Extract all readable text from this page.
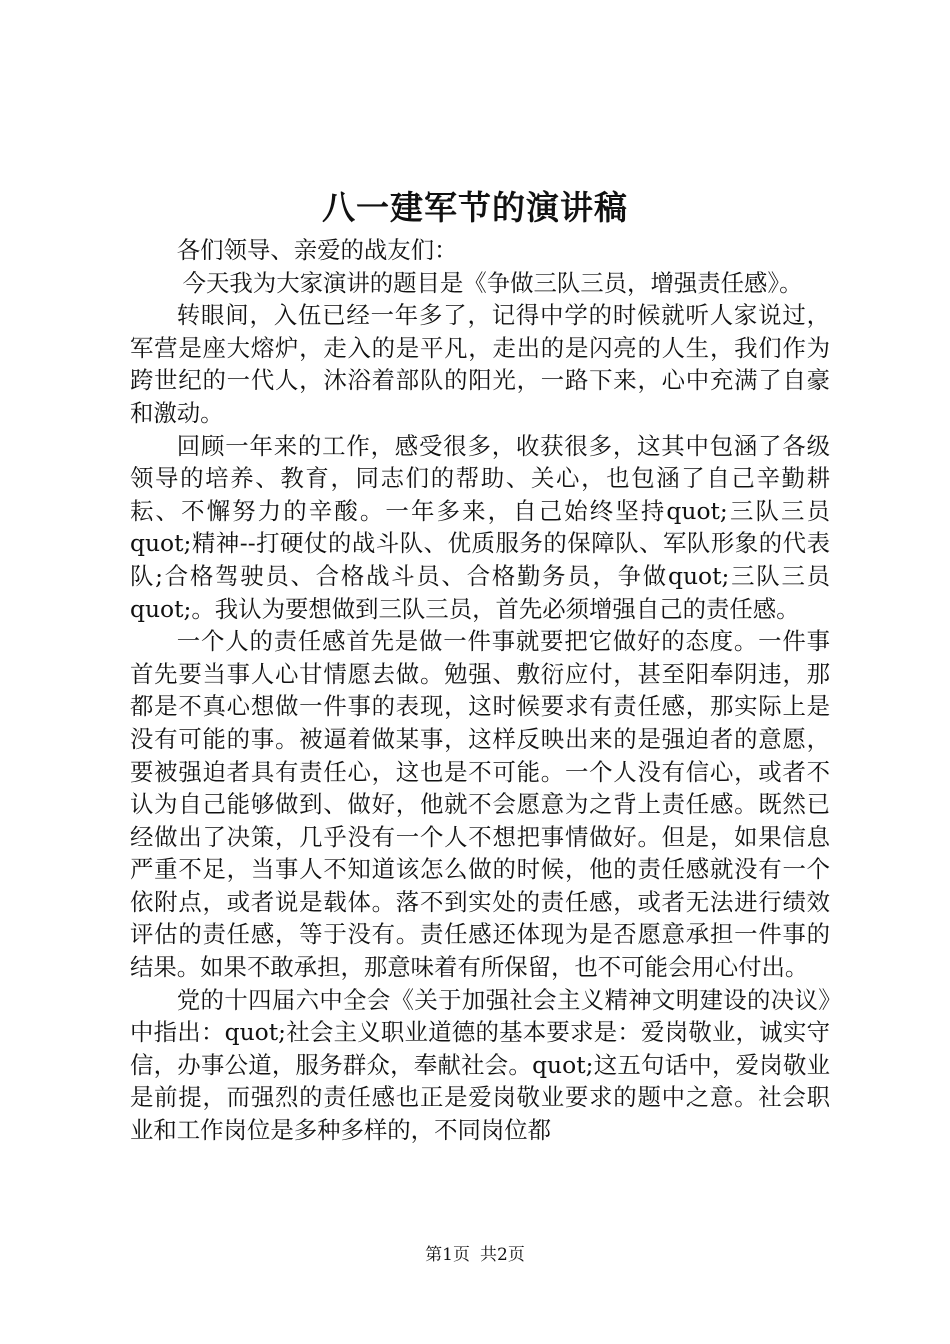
八一建军节的演讲稿

各们领导、亲爱的战友们：

今天我为大家演讲的题目是《争做三队三员，增强责任感》。

转眼间，入伍已经一年多了，记得中学的时候就听人家说过，军营是座大熔炉，走入的是平凡，走出的是闪亮的人生，我们作为跨世纪的一代人，沐浴着部队的阳光，一路下来，心中充满了自豪和激动。

回顾一年来的工作，感受很多，收获很多，这其中包涵了各级领导的培养、教育，同志们的帮助、关心，也包涵了自己辛勤耕耘、不懈努力的辛酸。一年多来，自己始终坚持quot;三队三员quot;精神--打硬仗的战斗队、优质服务的保障队、军队形象的代表队;合格驾驶员、合格战斗员、合格勤务员，争做quot;三队三员quot;。我认为要想做到三队三员，首先必须增强自己的责任感。

一个人的责任感首先是做一件事就要把它做好的态度。一件事首先要当事人心甘情愿去做。勉强、敷衍应付，甚至阳奉阴违，那都是不真心想做一件事的表现，这时候要求有责任感，那实际上是没有可能的事。被逼着做某事，这样反映出来的是强迫者的意愿，要被强迫者具有责任心，这也是不可能。一个人没有信心，或者不认为自己能够做到、做好，他就不会愿意为之背上责任感。既然已经做出了决策，几乎没有一个人不想把事情做好。但是，如果信息严重不足，当事人不知道该怎么做的时候，他的责任感就没有一个依附点，或者说是载体。落不到实处的责任感，或者无法进行绩效评估的责任感，等于没有。责任感还体现为是否愿意承担一件事的结果。如果不敢承担，那意味着有所保留，也不可能会用心付出。

党的十四届六中全会《关于加强社会主义精神文明建设的决议》中指出：quot;社会主义职业道德的基本要求是：爱岗敬业，诚实守信，办事公道，服务群众，奉献社会。quot;这五句话中，爱岗敬业是前提，而强烈的责任感也正是爱岗敬业要求的题中之意。社会职业和工作岗位是多种多样的，不同岗位都

第1页 共2页
